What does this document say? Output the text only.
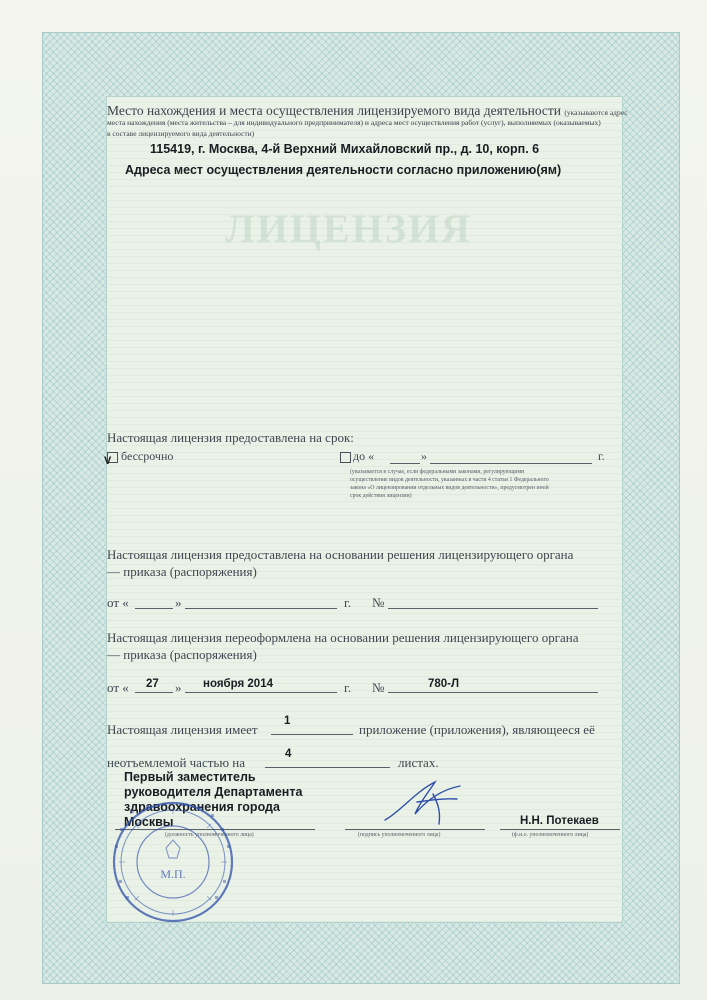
ЛИЦЕНЗИЯ
Место нахождения и места осуществления лицензируемого вида деятельности (указываются адрес
места нахождения (места жительства – для индивидуального предпринимателя) и адреса мест осуществления работ (услуг), выполняемых (оказываемых)
в составе лицензируемого вида деятельности)
115419, г. Москва, 4-й Верхний Михайловский пр., д. 10, корп. 6
Адреса мест осуществления деятельности согласно приложению(ям)
Настоящая лицензия предоставлена на срок:
V бессрочно	до «	»	г.
(указывается в случае, если федеральными законами, регулирующими осуществление видов деятельности, указанных в части 4 статьи 1 Федерального закона «О лицензировании отдельных видов деятельности», предусмотрен иной срок действия лицензии)
Настоящая лицензия предоставлена на основании решения лицензирующего органа
— приказа (распоряжения)
от «	»	г. №
Настоящая лицензия переоформлена на основании решения лицензирующего органа
— приказа (распоряжения)
от « 27 » ноября 2014	г. №	780-Л
Настоящая лицензия имеет
1
приложение (приложения), являющееся её
неотъемлемой частью на
4
листах.
Первый заместитель руководителя Департамента здравоохранения города Москвы
(должность уполномоченного лица)	(подпись уполномоченного лица)
Н.Н. Потекаев
(ф.и.о. уполномоченного лица)
М.П.
